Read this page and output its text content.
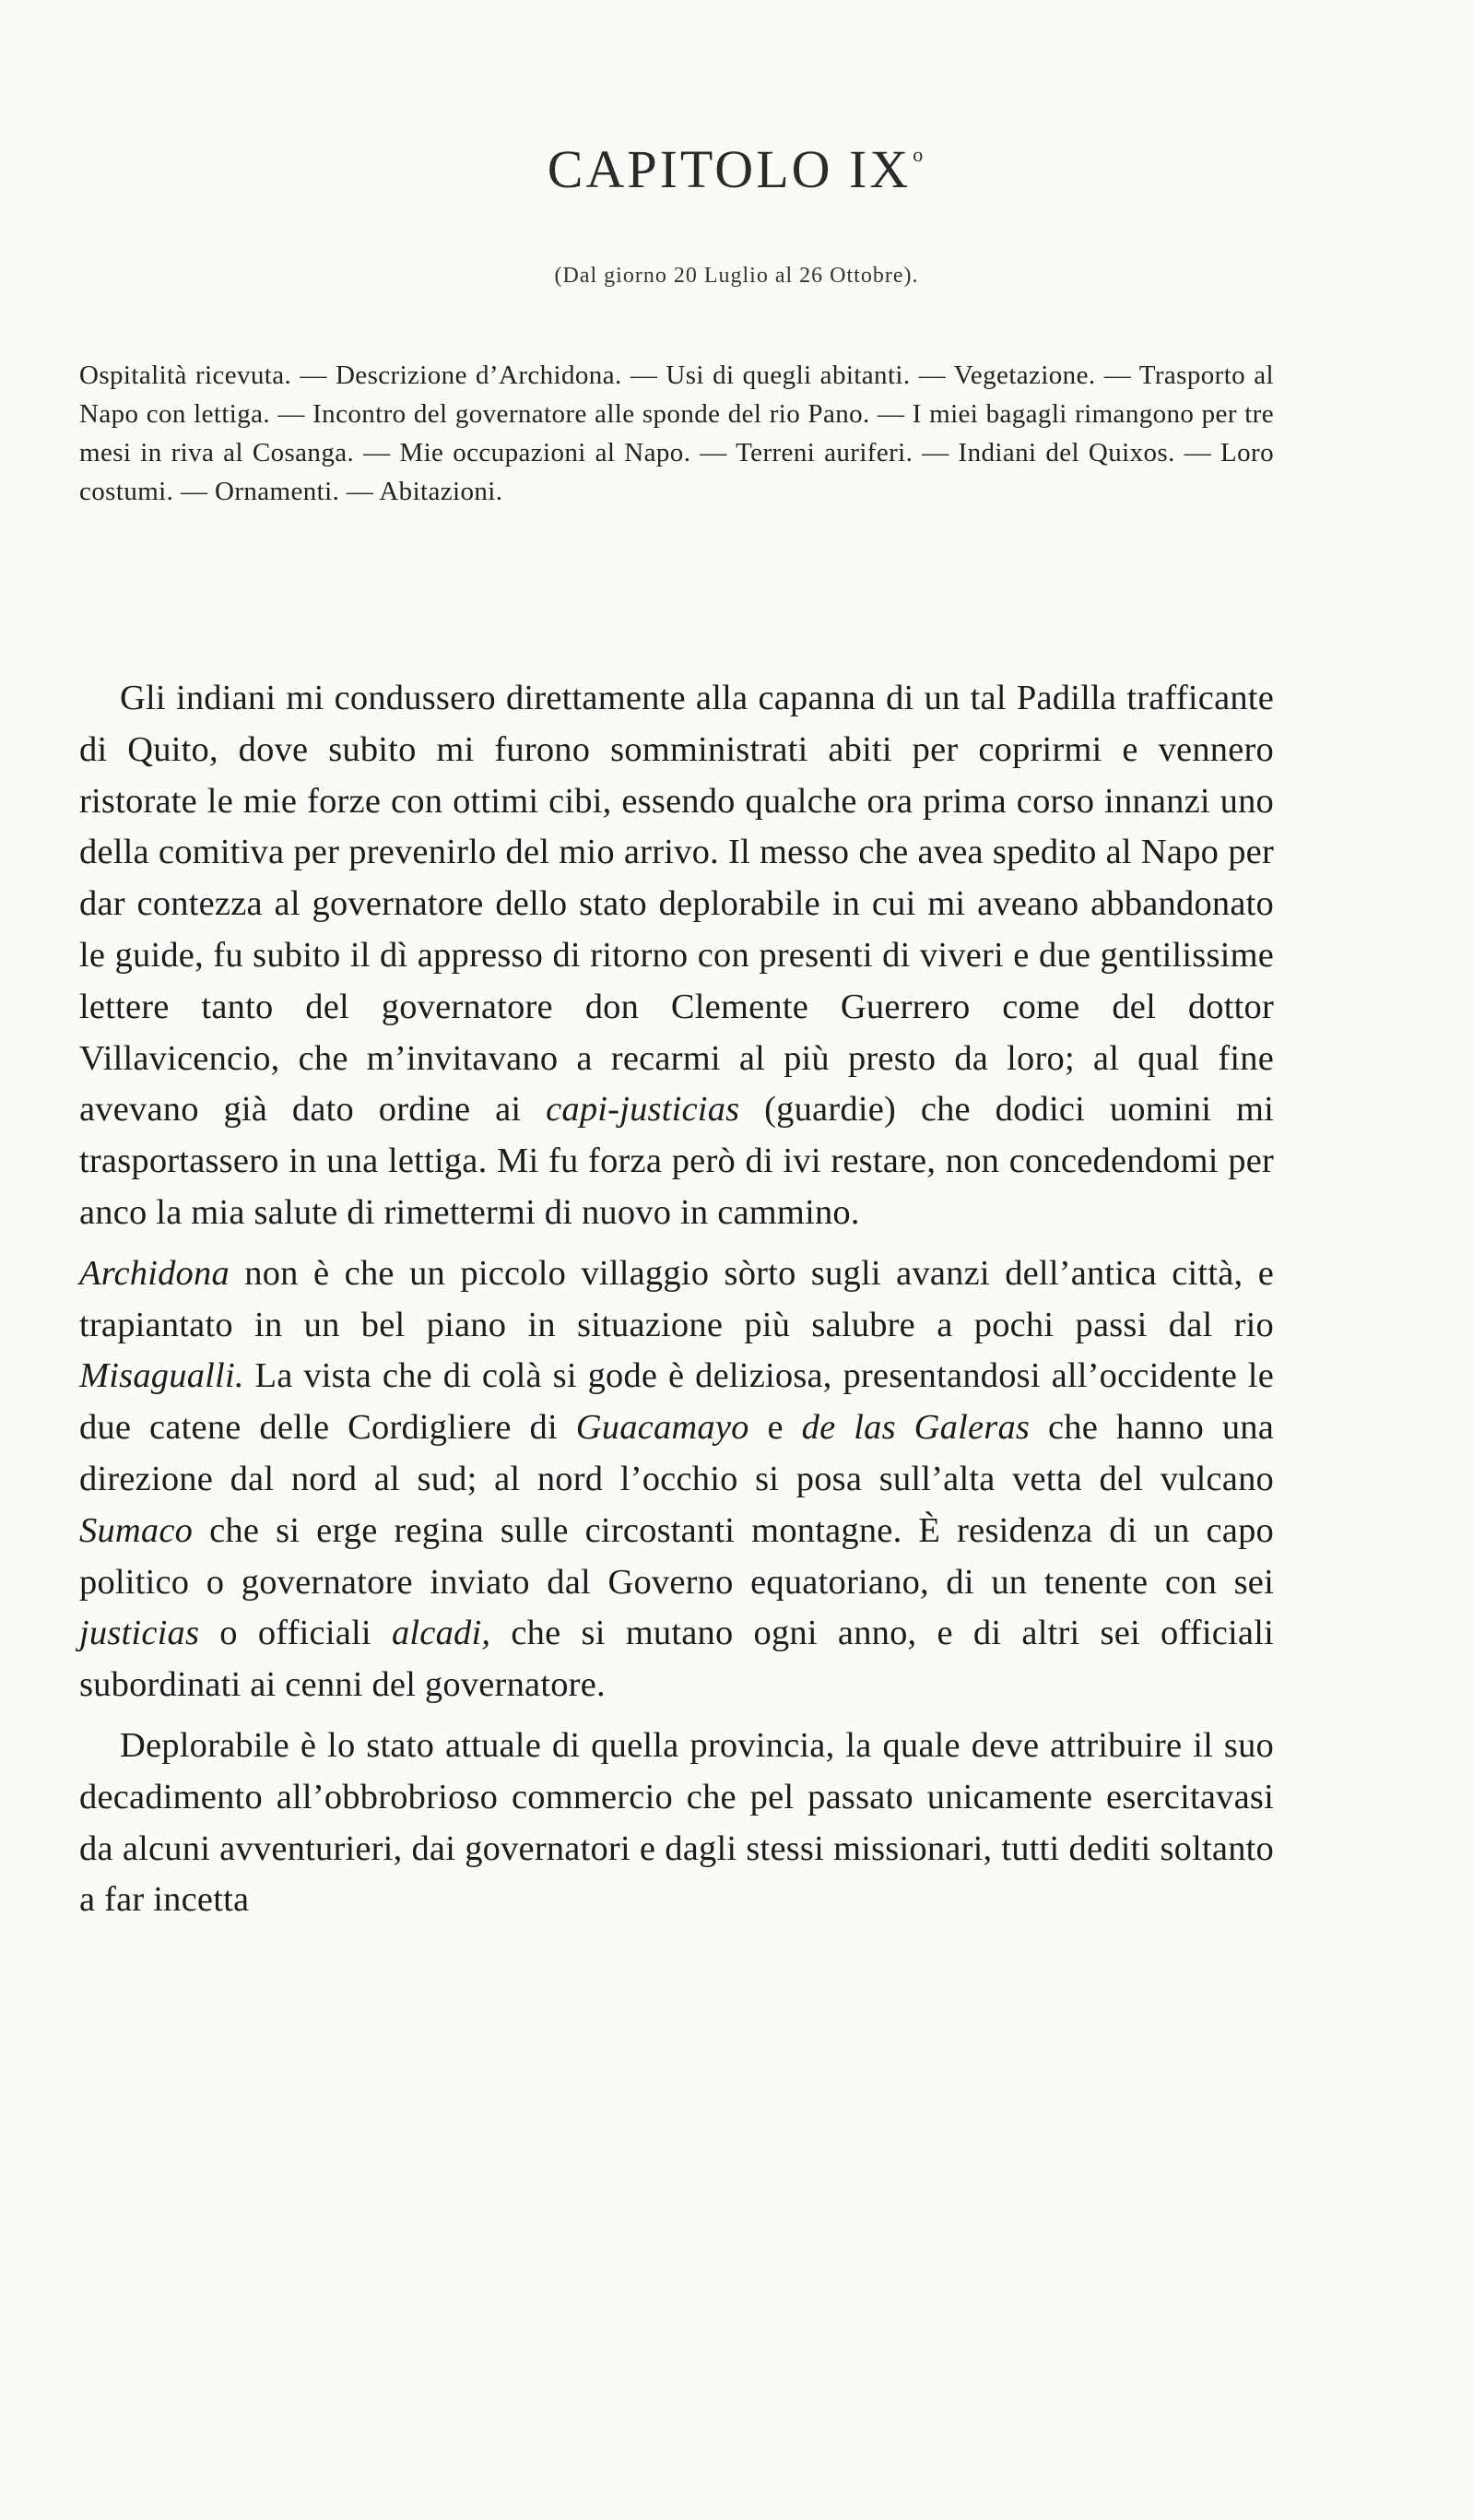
CAPITOLO $IX^o$
(Dal giorno 20 Luglio al 26 Ottobre).
Ospitalità ricevuta. — Descrizione d’Archidona. — Usi di quegli abitanti. — Vegetazione. — Trasporto al Napo con lettiga. — Incontro del governatore alle sponde del rio Pano. — I miei bagagli rimangono per tre mesi in riva al Cosanga. — Mie occupazioni al Napo. — Terreni auriferi. — Indiani del Quixos. — Loro costumi. — Ornamenti. — Abitazioni.

Gli indiani mi condussero direttamente alla capanna di un tal Padilla trafficante di Quito, dove subito mi furono somministrati abiti per coprirmi e vennero ristorate le mie forze con ottimi cibi, essendo qualche ora prima corso innanzi uno della comitiva per prevenirlo del mio arrivo. Il messo che avea spedito al Napo per dar contezza al governatore dello stato deplorabile in cui mi aveano abbandonato le guide, fu subito il dì appresso di ritorno con presenti di viveri e due gentilissime lettere tanto del governatore don Clemente Guerrero come del dottor Villavicencio, che m’invitavano a recarmi al più presto da loro; al qual fine avevano già dato ordine ai capi-justicias (guardie) che dodici uomini mi trasportassero in una lettiga. Mi fu forza però di ivi restare, non concedendomi per anco la mia salute di rimettermi di nuovo in cammino.

Archidona non è che un piccolo villaggio sòrto sugli avanzi dell’antica città, e trapiantato in un bel piano in situazione più salubre a pochi passi dal rio Misagualli. La vista che di colà si gode è deliziosa, presentandosi all’occidente le due catene delle Cordigliere di Guacamayo e de las Galeras che hanno una direzione dal nord al sud; al nord l’occhio si posa sull’alta vetta del vulcano Sumaco che si erge regina sulle circostanti montagne. È residenza di un capo politico o governatore inviato dal Governo equatoriano, di un tenente con sei justicias o officiali alcadi, che si mutano ogni anno, e di altri sei officiali subordinati ai cenni del governatore.

Deplorabile è lo stato attuale di quella provincia, la quale deve attribuire il suo decadimento all’obbrobrioso commercio che pel passato unicamente esercitavasi da alcuni avventurieri, dai governatori e dagli stessi missionari, tutti dediti soltanto a far incetta
